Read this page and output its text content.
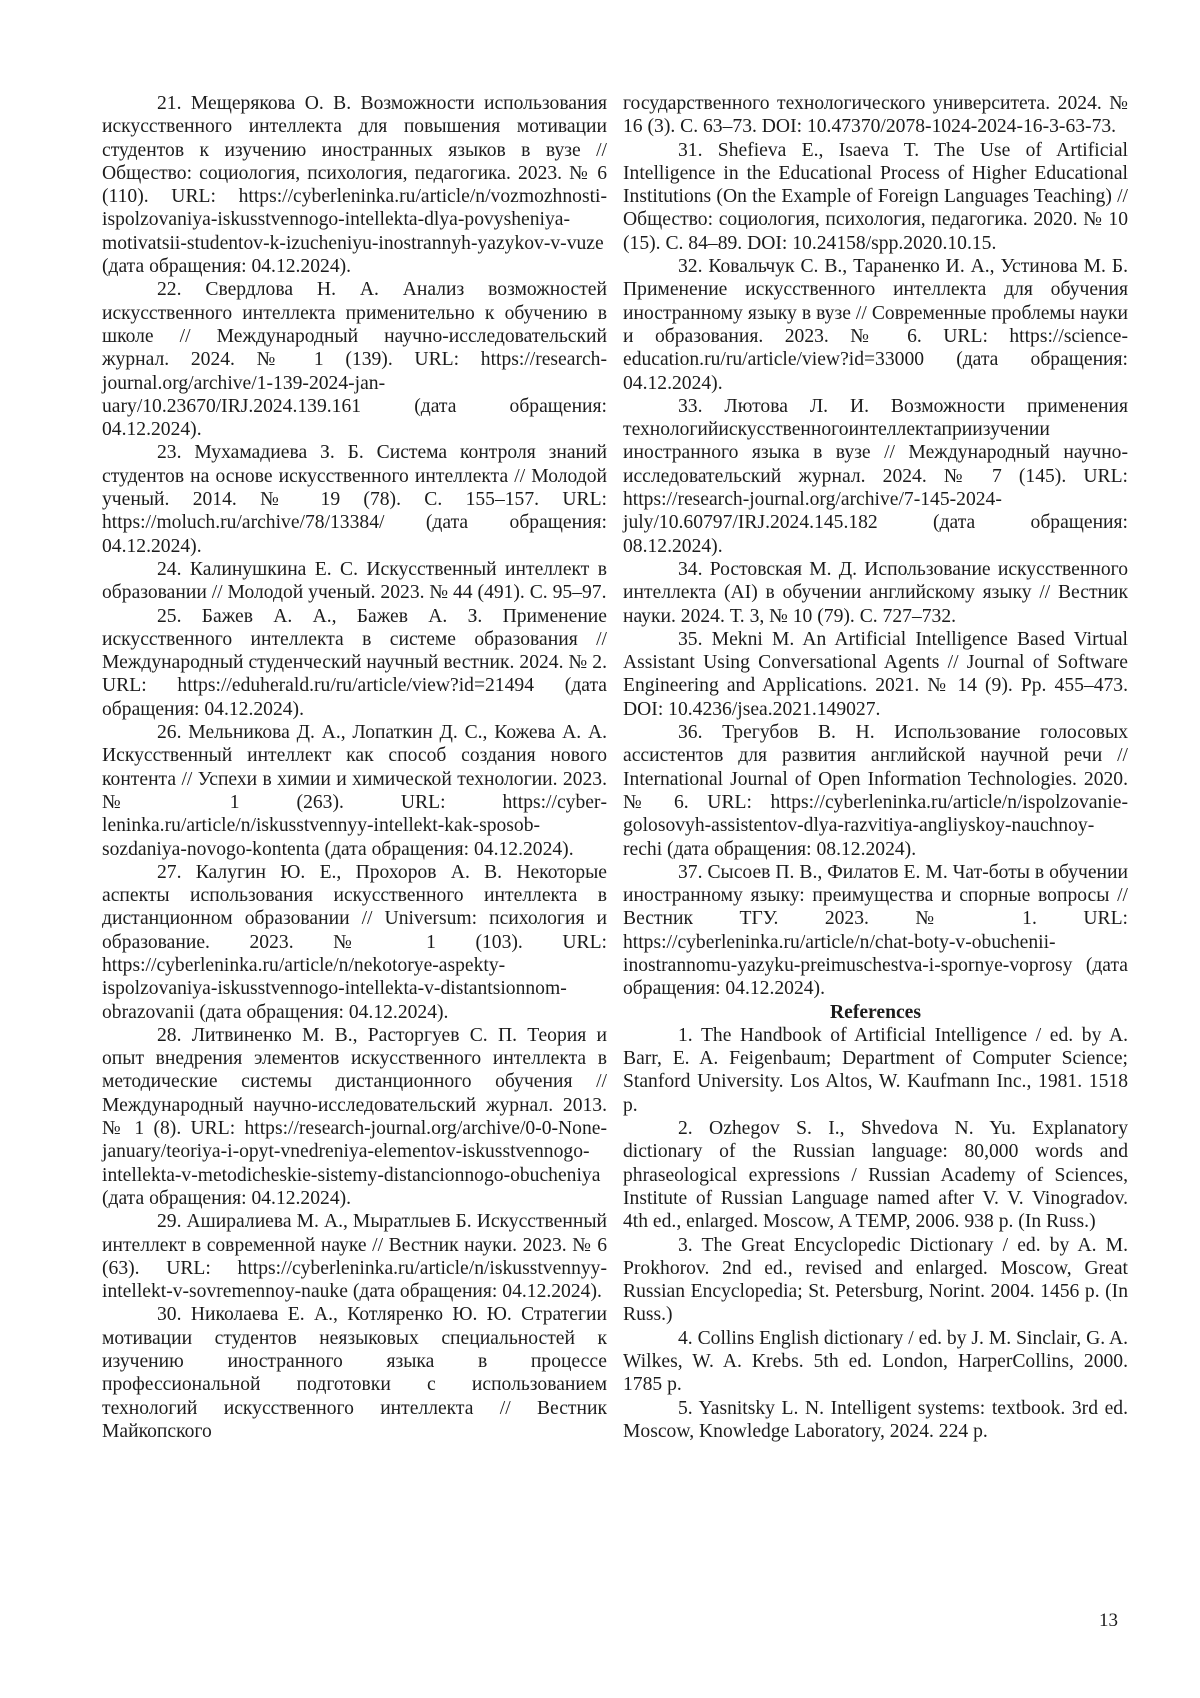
21. Мещерякова О. В. Возможности использования искусственного интеллекта для повышения мотивации студентов к изучению иностранных языков в вузе // Общество: социология, психология, педагогика. 2023. № 6 (110). URL: https://cyberleninka.ru/article/n/vozmozhnosti-ispolzovaniya-iskusstvennogo-intellekta-dlya-povysheniya-motivatsii-studentov-k-izucheniyu-inostrannyh-yazykov-v-vuze (дата обращения: 04.12.2024).

22. Свердлова Н. А. Анализ возможностей искусственного интеллекта применительно к обучению в школе // Международный научно-исследовательский журнал. 2024. № 1 (139). URL: https://research-journal.org/archive/1-139-2024-january/10.23670/IRJ.2024.139.161 (дата обращения: 04.12.2024).

23. Мухамадиева З. Б. Система контроля знаний студентов на основе искусственного интеллекта // Молодой ученый. 2014. № 19 (78). С. 155–157. URL: https://moluch.ru/archive/78/13384/ (дата обращения: 04.12.2024).

24. Калинушкина Е. С. Искусственный интеллект в образовании // Молодой ученый. 2023. № 44 (491). С. 95–97.

25. Бажев А. А., Бажев А. З. Применение искусственного интеллекта в системе образования // Международный студенческий научный вестник. 2024. № 2. URL: https://eduherald.ru/ru/article/view?id=21494 (дата обращения: 04.12.2024).

26. Мельникова Д. А., Лопаткин Д. С., Кожева А. А. Искусственный интеллект как способ создания нового контента // Успехи в химии и химической технологии. 2023. № 1 (263). URL: https://cyberleninka.ru/article/n/iskusstvennyy-intellekt-kak-sposob-sozdaniya-novogo-kontenta (дата обращения: 04.12.2024).

27. Калугин Ю. Е., Прохоров А. В. Некоторые аспекты использования искусственного интеллекта в дистанционном образовании // Universum: психология и образование. 2023. № 1 (103). URL: https://cyberleninka.ru/article/n/nekotorye-aspekty-ispolzovaniya-iskusstvennogo-intellekta-v-distantsionnom-obrazovanii (дата обращения: 04.12.2024).

28. Литвиненко М. В., Расторгуев С. П. Теория и опыт внедрения элементов искусственного интеллекта в методические системы дистанционного обучения // Международный научно-исследовательский журнал. 2013. № 1 (8). URL: https://research-journal.org/archive/0-0-None-january/teoriya-i-opyt-vnedreniya-elementov-iskusstvennogo-intellekta-v-metodicheskie-sistemy-distancionnogo-obucheniya (дата обращения: 04.12.2024).

29. Аширалиева М. А., Мыратлыев Б. Искусственный интеллект в современной науке // Вестник науки. 2023. № 6 (63). URL: https://cyberleninka.ru/article/n/iskusstvennyy-intellekt-v-sovremennoy-nauke (дата обращения: 04.12.2024).

30. Николаева Е. А., Котляренко Ю. Ю. Стратегии мотивации студентов неязыковых специальностей к изучению иностранного языка в процессе профессиональной подготовки с использованием технологий искусственного интеллекта // Вестник Майкопского

государственного технологического университета. 2024. № 16 (3). С. 63–73. DOI: 10.47370/2078-1024-2024-16-3-63-73.

31. Shefieva E., Isaeva T. The Use of Artificial Intelligence in the Educational Process of Higher Educational Institutions (On the Example of Foreign Languages Teaching) // Общество: социология, психология, педагогика. 2020. № 10 (15). С. 84–89. DOI: 10.24158/spp.2020.10.15.

32. Ковальчук С. В., Тараненко И. А., Устинова М. Б. Применение искусственного интеллекта для обучения иностранному языку в вузе // Современные проблемы науки и образования. 2023. № 6. URL: https://science-education.ru/ru/article/view?id=33000 (дата обращения: 04.12.2024).

33. Лютова Л. И. Возможности применения технологийискусственногоинтеллектаприизучении иностранного языка в вузе // Международный научно-исследовательский журнал. 2024. № 7 (145). URL: https://research-journal.org/archive/7-145-2024-july/10.60797/IRJ.2024.145.182 (дата обращения: 08.12.2024).

34. Ростовская М. Д. Использование искусственного интеллекта (AI) в обучении английскому языку // Вестник науки. 2024. Т. 3, № 10 (79). С. 727–732.

35. Mekni M. An Artificial Intelligence Based Virtual Assistant Using Conversational Agents // Journal of Software Engineering and Applications. 2021. № 14 (9). Pp. 455–473. DOI: 10.4236/jsea.2021.149027.

36. Трегубов В. Н. Использование голосовых ассистентов для развития английской научной речи // International Journal of Open Information Technologies. 2020. № 6. URL: https://cyberleninka.ru/article/n/ispolzovanie-golosovyh-assistentov-dlya-razvitiya-angliyskoy-nauchnoy-rechi (дата обращения: 08.12.2024).

37. Сысоев П. В., Филатов Е. М. Чат-боты в обучении иностранному языку: преимущества и спорные вопросы // Вестник ТГУ. 2023. № 1. URL: https://cyberleninka.ru/article/n/chat-boty-v-obuchenii-inostrannomu-yazyku-preimuschestva-i-spornye-voprosy (дата обращения: 04.12.2024).

References

1. The Handbook of Artificial Intelligence / ed. by A. Barr, E. A. Feigenbaum; Department of Computer Science; Stanford University. Los Altos, W. Kaufmann Inc., 1981. 1518 p.

2. Ozhegov S. I., Shvedova N. Yu. Explanatory dictionary of the Russian language: 80,000 words and phraseological expressions / Russian Academy of Sciences, Institute of Russian Language named after V. V. Vinogradov. 4th ed., enlarged. Moscow, A TEMP, 2006. 938 p. (In Russ.)

3. The Great Encyclopedic Dictionary / ed. by A. M. Prokhorov. 2nd ed., revised and enlarged. Moscow, Great Russian Encyclopedia; St. Petersburg, Norint. 2004. 1456 p. (In Russ.)

4. Collins English dictionary / ed. by J. M. Sinclair, G. A. Wilkes, W. A. Krebs. 5th ed. London, HarperCollins, 2000. 1785 p.

5. Yasnitsky L. N. Intelligent systems: textbook. 3rd ed. Moscow, Knowledge Laboratory, 2024. 224 p.

13
